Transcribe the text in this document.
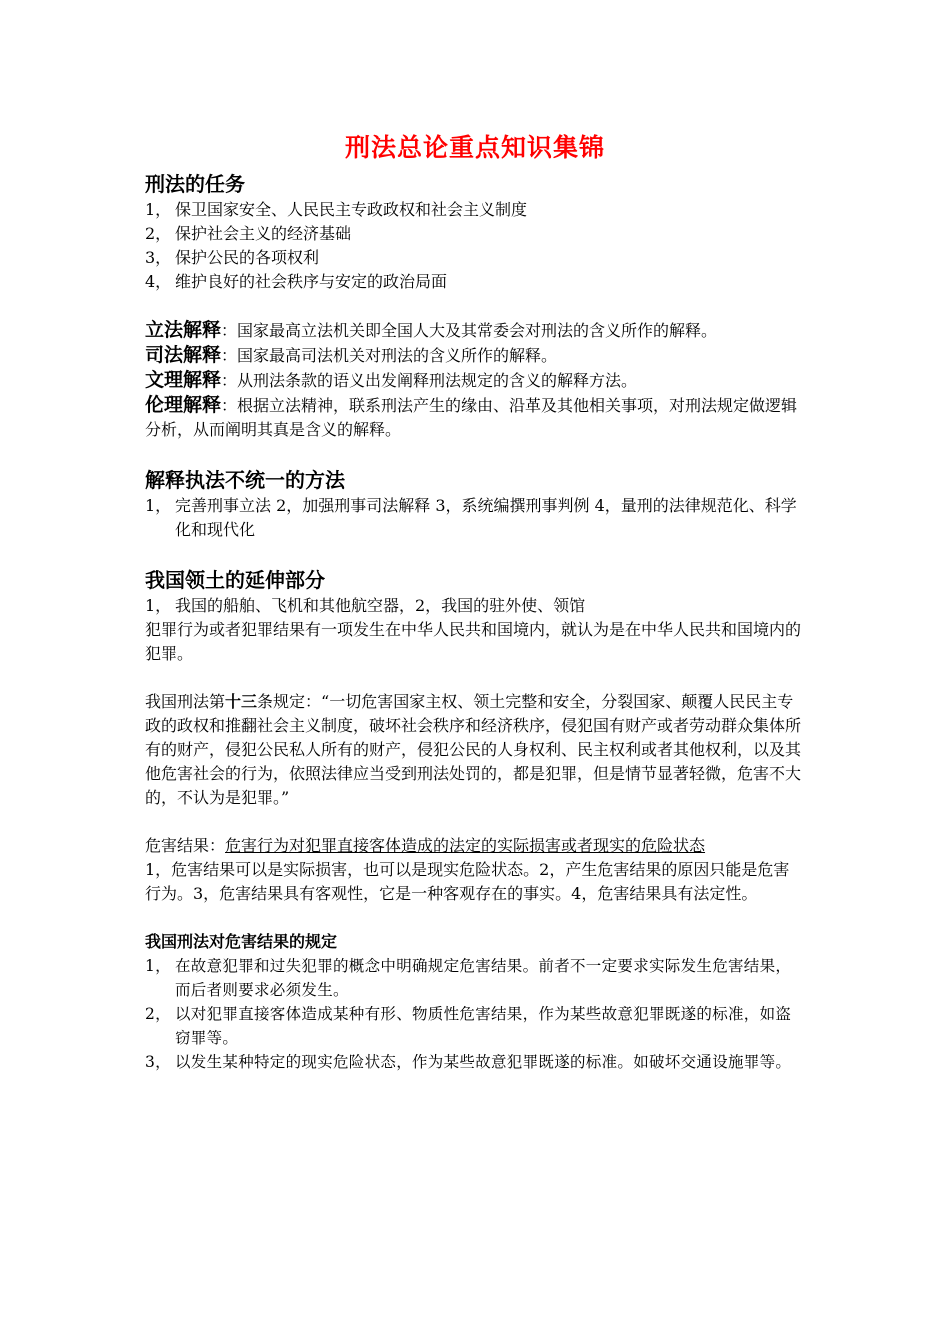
刑法总论重点知识集锦
刑法的任务
1， 保卫国家安全、人民民主专政政权和社会主义制度
2， 保护社会主义的经济基础
3， 保护公民的各项权利
4， 维护良好的社会秩序与安定的政治局面

立法解释：国家最高立法机关即全国人大及其常委会对刑法的含义所作的解释。

司法解释：国家最高司法机关对刑法的含义所作的解释。

文理解释：从刑法条款的语义出发阐释刑法规定的含义的解释方法。

伦理解释：根据立法精神，联系刑法产生的缘由、沿革及其他相关事项，对刑法规定做逻辑分析，从而阐明其真是含义的解释。

解释执法不统一的方法
1， 完善刑事立法 2，加强刑事司法解释 3，系统编撰刑事判例 4，量刑的法律规范化、科学化和现代化
我国领土的延伸部分
1， 我国的船舶、飞机和其他航空器，2，我国的驻外使、领馆

犯罪行为或者犯罪结果有一项发生在中华人民共和国境内，就认为是在中华人民共和国境内的犯罪。

我国刑法第十三条规定：“一切危害国家主权、领土完整和安全，分裂国家、颠覆人民民主专政的政权和推翻社会主义制度，破坏社会秩序和经济秩序，侵犯国有财产或者劳动群众集体所有的财产，侵犯公民私人所有的财产，侵犯公民的人身权利、民主权利或者其他权利，以及其他危害社会的行为，依照法律应当受到刑法处罚的，都是犯罪，但是情节显著轻微，危害不大的，不认为是犯罪。”

危害结果：危害行为对犯罪直接客体造成的法定的实际损害或者现实的危险状态

1，危害结果可以是实际损害，也可以是现实危险状态。2，产生危害结果的原因只能是危害行为。3，危害结果具有客观性，它是一种客观存在的事实。4，危害结果具有法定性。

我国刑法对危害结果的规定
1， 在故意犯罪和过失犯罪的概念中明确规定危害结果。前者不一定要求实际发生危害结果，而后者则要求必须发生。
2， 以对犯罪直接客体造成某种有形、物质性危害结果，作为某些故意犯罪既遂的标准，如盗窃罪等。
3， 以发生某种特定的现实危险状态，作为某些故意犯罪既遂的标准。如破坏交通设施罪等。
